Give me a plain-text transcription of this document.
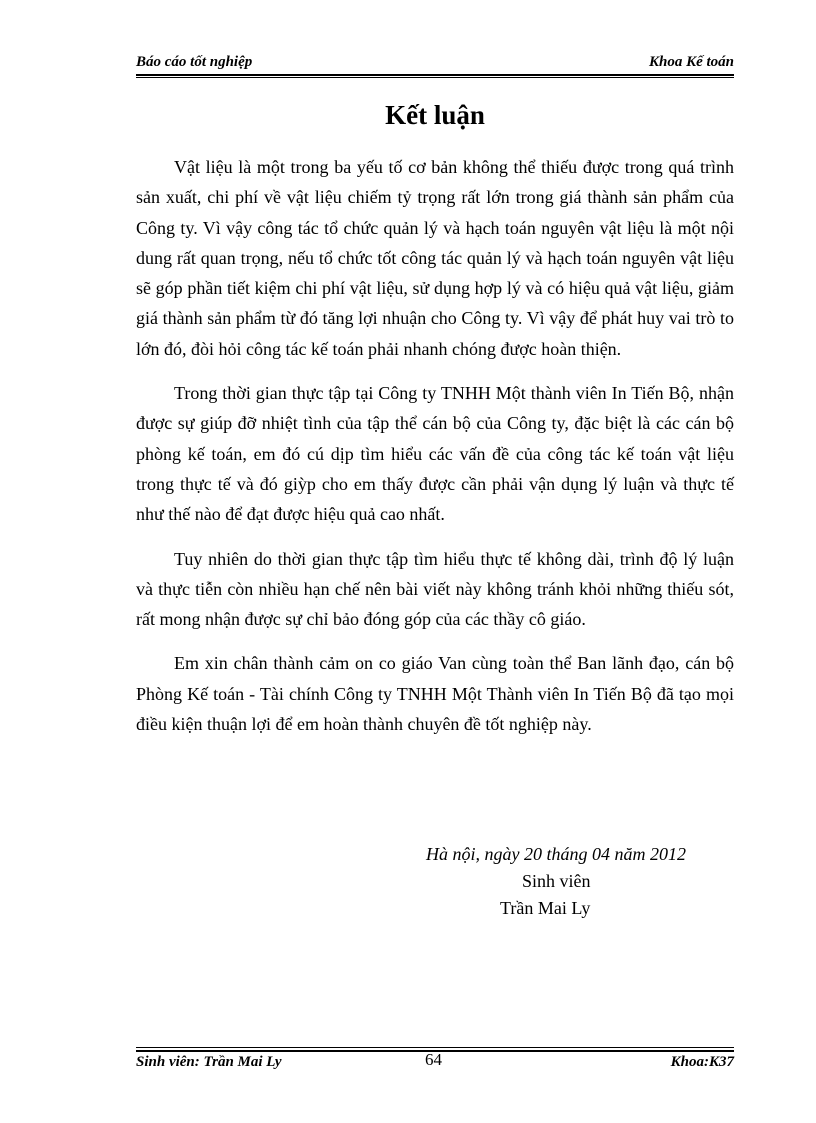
Báo cáo tốt nghiệp	Khoa Kế toán
Kết luận

Vật liệu là một trong ba yếu tố cơ bản không thể thiếu được trong quá trình sản xuất, chi phí về vật liệu chiếm tỷ trọng rất lớn trong giá thành sản phẩm của Công ty. Vì vậy công tác tổ chức quản lý và hạch toán nguyên vật liệu là một nội dung rất quan trọng, nếu tổ chức tốt công tác quản lý và hạch toán nguyên vật liệu sẽ góp phần tiết kiệm chi phí vật liệu, sử dụng hợp lý và có hiệu quả vật liệu, giảm giá thành sản phẩm từ đó tăng lợi nhuận cho Công ty. Vì vậy để phát huy vai trò to lớn đó, đòi hỏi công tác kế toán phải nhanh chóng được hoàn thiện.

Trong thời gian thực tập tại Công ty TNHH Một thành viên In Tiến Bộ, nhận được sự giúp đỡ nhiệt tình của tập thể cán bộ của Công ty, đặc biệt là các cán bộ phòng kế toán, em đó cú dịp tìm hiểu các vấn đề của công tác kế toán vật liệu trong thực tế và đó giỳp cho em thấy được cần phải vận dụng lý luận và thực tế như thế nào để đạt được hiệu quả cao nhất.

Tuy nhiên do thời gian thực tập tìm hiểu thực tế không dài, trình độ lý luận và thực tiễn còn nhiều hạn chế nên bài viết này không tránh khỏi những thiếu sót, rất mong nhận được sự chỉ bảo đóng góp của các thầy cô giáo.

Em xin chân thành cảm on co giáo Van cùng toàn thể Ban lãnh đạo, cán bộ Phòng Kế toán - Tài chính Công ty TNHH Một Thành viên In Tiến Bộ đã tạo mọi điều kiện thuận lợi để em hoàn thành chuyên đề tốt nghiệp này.

Hà nội, ngày 20 tháng 04 năm 2012
Sinh viên
Trần Mai Ly
Sinh viên: Trần Mai Ly	64	Khoa:K37
